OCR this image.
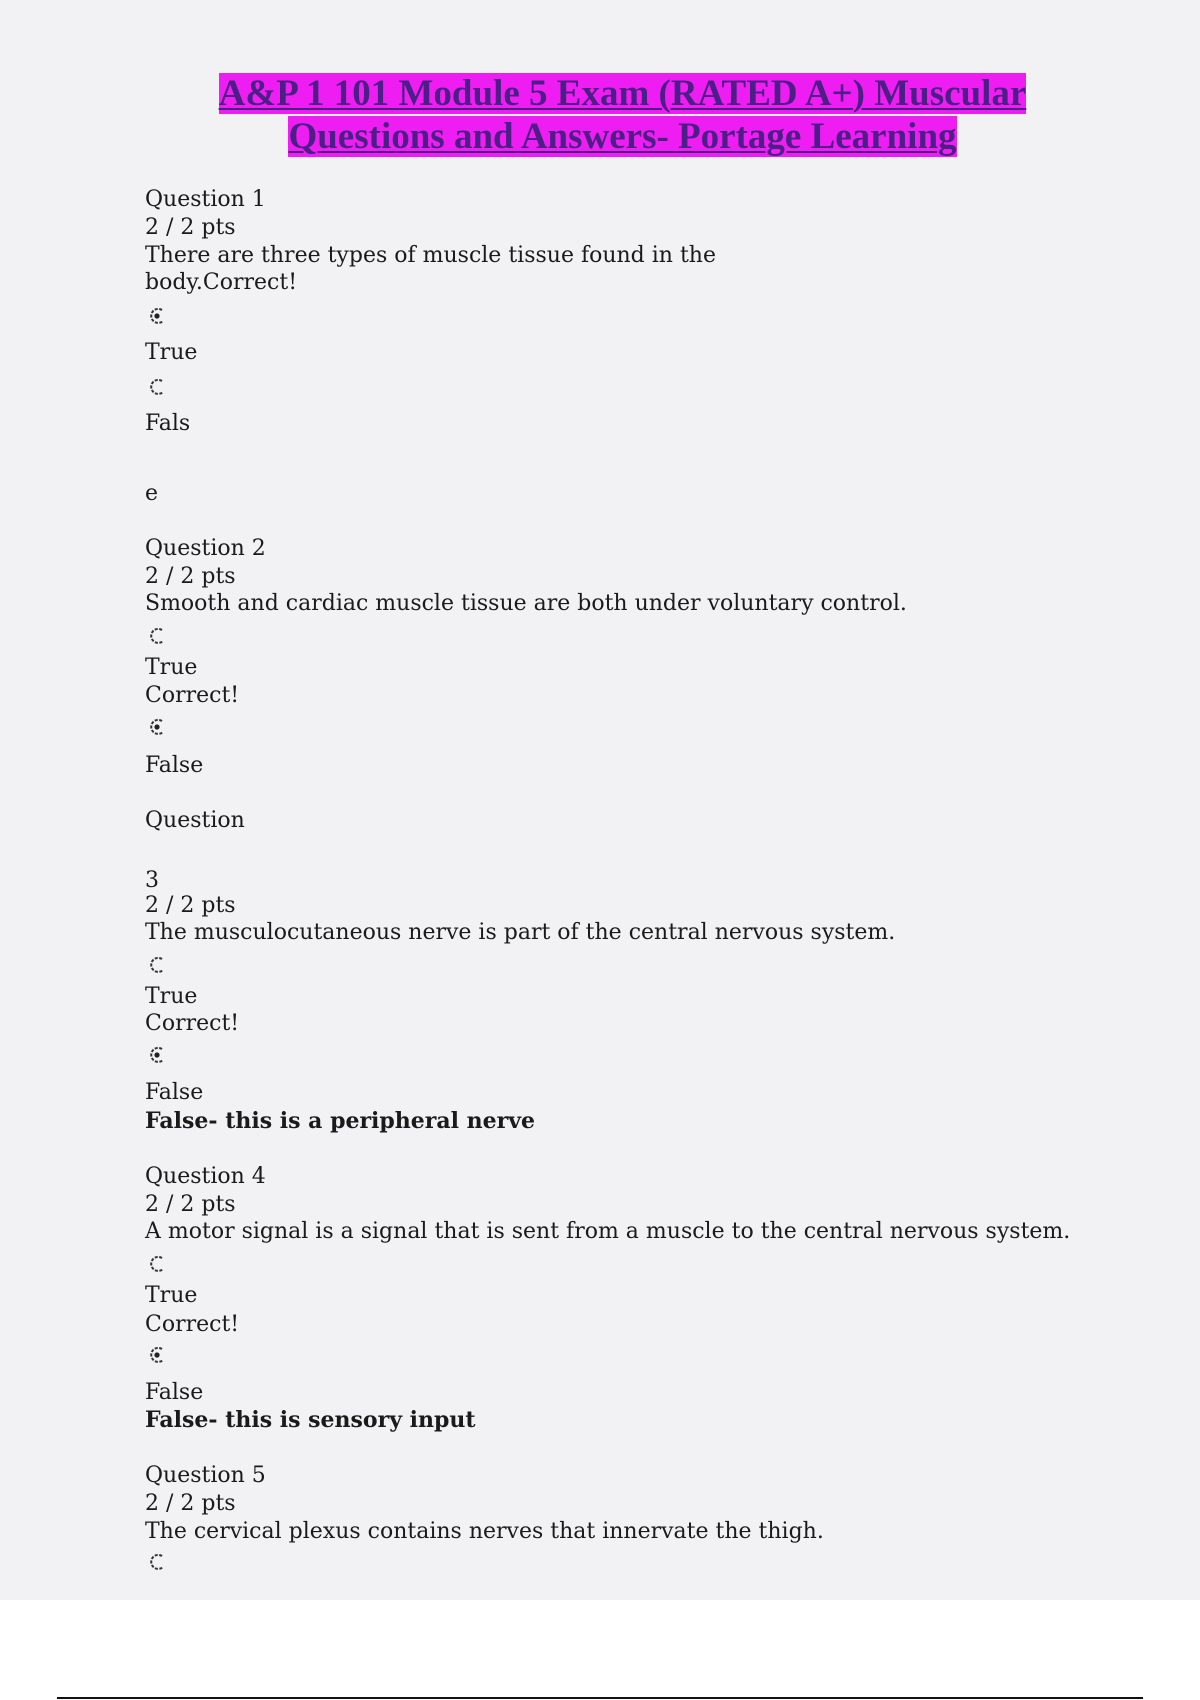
A&P 1 101 Module 5 Exam (RATED A+) Muscular
Questions and Answers- Portage Learning
Question 1
2 / 2 pts
There are three types of muscle tissue found in the
body.Correct!
True
Fals
e
Question 2
2 / 2 pts
Smooth and cardiac muscle tissue are both under voluntary control.
True
Correct!
False
Question
3
2 / 2 pts
The musculocutaneous nerve is part of the central nervous system.
True
Correct!
False
False- this is a peripheral nerve
Question 4
2 / 2 pts
A motor signal is a signal that is sent from a muscle to the central nervous system.
True
Correct!
False
False- this is sensory input
Question 5
2 / 2 pts
The cervical plexus contains nerves that innervate the thigh.
